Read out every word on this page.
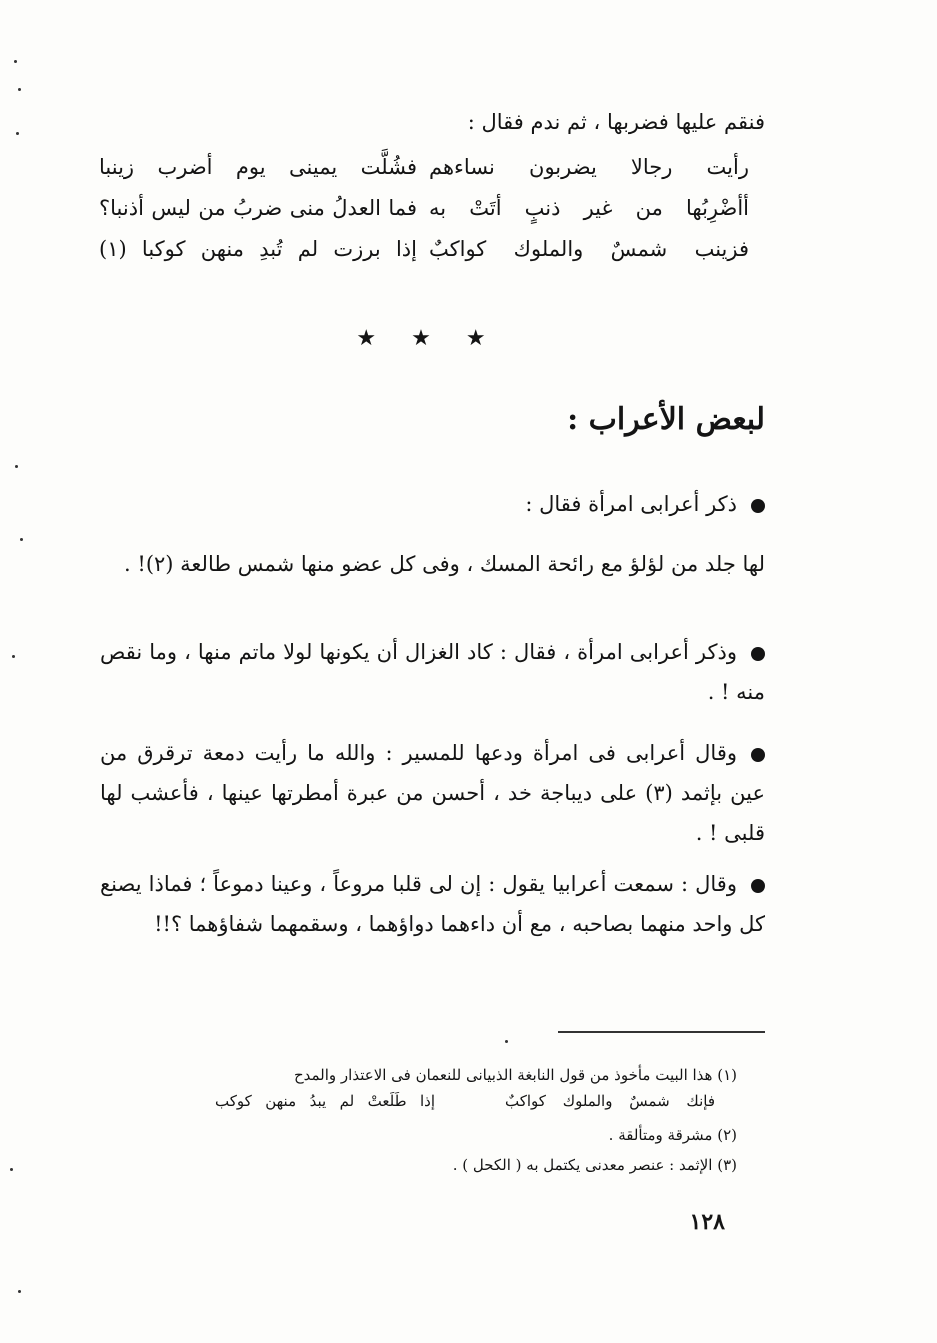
فنقم عليها فضربها ، ثم ندم فقال :
رأيت رجالا يضربون نساءهم
فشُلَّت يمينى يوم أضرب زينبا
أأضْرِبُها من غير ذنبٍ أتَتْ به
فما العدلُ منى ضربُ من ليس أذنبا؟
فزينب شمسٌ والملوك كواكبٌ
إذا برزت لم تُبدِ منهن كوكبا (١)
★ ★ ★
لبعض الأعراب :
ذكر أعرابى امرأة فقال :
لها جلد من لؤلؤ مع رائحة المسك ، وفى كل عضو منها شمس طالعة (٢)! .
وذكر أعرابى امرأة ، فقال : كاد الغزال أن يكونها لولا ماتم منها ، وما نقص منه ! .
وقال أعرابى فى امرأة ودعها للمسير : والله ما رأيت دمعة ترقرق من عين بإثمد (٣) على ديباجة خد ، أحسن من عبرة أمطرتها عينها ، فأعشب لها قلبى ! .
وقال : سمعت أعرابيا يقول : إن لى قلبا مروعاً ، وعينا دموعاً ؛ فماذا يصنع كل واحد منهما بصاحبه ، مع أن داءهما دواؤهما ، وسقمهما شفاؤهما ؟!!
(١) هذا البيت مأخوذ من قول النابغة الذبيانى للنعمان فى الاعتذار والمدح
فإنك شمسٌ والملوك كواكبٌ
إذا طَلَعتْ لم يبدُ منهن كوكب
(٢) مشرقة ومتألقة .
(٣) الإثمد : عنصر معدنى يكتمل به ( الكحل ) .
١٢٨
